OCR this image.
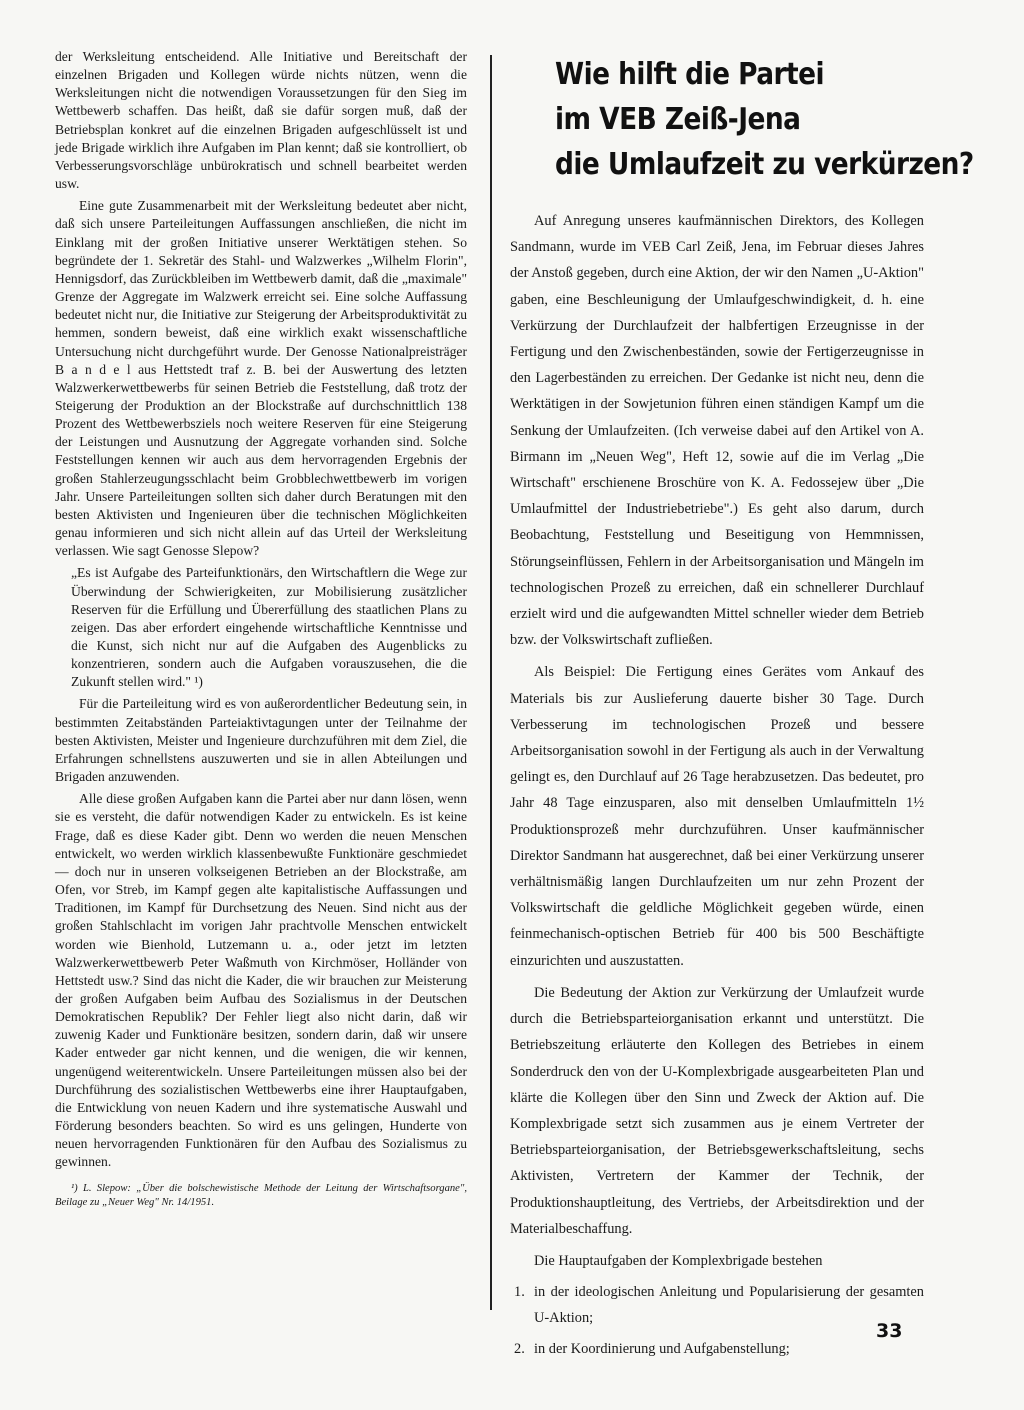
der Werksleitung entscheidend. Alle Initiative und Bereitschaft der einzelnen Brigaden und Kollegen würde nichts nützen, wenn die Werksleitungen nicht die notwendigen Voraussetzungen für den Sieg im Wettbewerb schaffen. Das heißt, daß sie dafür sorgen muß, daß der Betriebsplan konkret auf die einzelnen Brigaden aufgeschlüsselt ist und jede Brigade wirklich ihre Aufgaben im Plan kennt; daß sie kontrolliert, ob Verbesserungsvorschläge unbürokratisch und schnell bearbeitet werden usw.

Eine gute Zusammenarbeit mit der Werksleitung bedeutet aber nicht, daß sich unsere Parteileitungen Auffassungen anschließen, die nicht im Einklang mit der großen Initiative unserer Werktätigen stehen. So begründete der 1. Sekretär des Stahl- und Walzwerkes „Wilhelm Florin", Hennigsdorf, das Zurückbleiben im Wettbewerb damit, daß die „maximale" Grenze der Aggregate im Walzwerk erreicht sei. Eine solche Auffassung bedeutet nicht nur, die Initiative zur Steigerung der Arbeitsproduktivität zu hemmen, sondern beweist, daß eine wirklich exakt wissenschaftliche Untersuchung nicht durchgeführt wurde. Der Genosse Nationalpreisträger B a n d e l aus Hettstedt traf z. B. bei der Auswertung des letzten Walzwerkerwettbewerbs für seinen Betrieb die Feststellung, daß trotz der Steigerung der Produktion an der Blockstraße auf durchschnittlich 138 Prozent des Wettbewerbsziels noch weitere Reserven für eine Steigerung der Leistungen und Ausnutzung der Aggregate vorhanden sind. Solche Feststellungen kennen wir auch aus dem hervorragenden Ergebnis der großen Stahlerzeugungsschlacht beim Grobblechwettbewerb im vorigen Jahr. Unsere Parteileitungen sollten sich daher durch Beratungen mit den besten Aktivisten und Ingenieuren über die technischen Möglichkeiten genau informieren und sich nicht allein auf das Urteil der Werksleitung verlassen. Wie sagt Genosse Slepow?

„Es ist Aufgabe des Parteifunktionärs, den Wirtschaftlern die Wege zur Überwindung der Schwierigkeiten, zur Mobilisierung zusätzlicher Reserven für die Erfüllung und Übererfüllung des staatlichen Plans zu zeigen. Das aber erfordert eingehende wirtschaftliche Kenntnisse und die Kunst, sich nicht nur auf die Aufgaben des Augenblicks zu konzentrieren, sondern auch die Aufgaben vorauszusehen, die die Zukunft stellen wird." ¹)

Für die Parteileitung wird es von außerordentlicher Bedeutung sein, in bestimmten Zeitabständen Parteiaktivtagungen unter der Teilnahme der besten Aktivisten, Meister und Ingenieure durchzuführen mit dem Ziel, die Erfahrungen schnellstens auszuwerten und sie in allen Abteilungen und Brigaden anzuwenden.

Alle diese großen Aufgaben kann die Partei aber nur dann lösen, wenn sie es versteht, die dafür notwendigen Kader zu entwickeln. Es ist keine Frage, daß es diese Kader gibt. Denn wo werden die neuen Menschen entwickelt, wo werden wirklich klassenbewußte Funktionäre geschmiedet — doch nur in unseren volkseigenen Betrieben an der Blockstraße, am Ofen, vor Streb, im Kampf gegen alte kapitalistische Auffassungen und Traditionen, im Kampf für Durchsetzung des Neuen. Sind nicht aus der großen Stahlschlacht im vorigen Jahr prachtvolle Menschen entwickelt worden wie Bienhold, Lutzemann u. a., oder jetzt im letzten Walzwerkerwettbewerb Peter Waßmuth von Kirchmöser, Holländer von Hettstedt usw.? Sind das nicht die Kader, die wir brauchen zur Meisterung der großen Aufgaben beim Aufbau des Sozialismus in der Deutschen Demokratischen Republik? Der Fehler liegt also nicht darin, daß wir zuwenig Kader und Funktionäre besitzen, sondern darin, daß wir unsere Kader entweder gar nicht kennen, und die wenigen, die wir kennen, ungenügend weiterentwickeln. Unsere Parteileitungen müssen also bei der Durchführung des sozialistischen Wettbewerbs eine ihrer Hauptaufgaben, die Entwicklung von neuen Kadern und ihre systematische Auswahl und Förderung besonders beachten. So wird es uns gelingen, Hunderte von neuen hervorragenden Funktionären für den Aufbau des Sozialismus zu gewinnen.

¹) L. Slepow: „Über die bolschewistische Methode der Leitung der Wirtschaftsorgane", Beilage zu „Neuer Weg" Nr. 14/1951.
Wie hilft die Partei
im VEB Zeiß-Jena
die Umlaufzeit zu verkürzen?

Auf Anregung unseres kaufmännischen Direktors, des Kollegen Sandmann, wurde im VEB Carl Zeiß, Jena, im Februar dieses Jahres der Anstoß gegeben, durch eine Aktion, der wir den Namen „U-Aktion" gaben, eine Beschleunigung der Umlaufgeschwindigkeit, d. h. eine Verkürzung der Durchlaufzeit der halbfertigen Erzeugnisse in der Fertigung und den Zwischenbeständen, sowie der Fertigerzeugnisse in den Lagerbeständen zu erreichen. Der Gedanke ist nicht neu, denn die Werktätigen in der Sowjetunion führen einen ständigen Kampf um die Senkung der Umlaufzeiten. (Ich verweise dabei auf den Artikel von A. Birmann im „Neuen Weg", Heft 12, sowie auf die im Verlag „Die Wirtschaft" erschienene Broschüre von K. A. Fedossejew über „Die Umlaufmittel der Industriebetriebe".) Es geht also darum, durch Beobachtung, Feststellung und Beseitigung von Hemmnissen, Störungseinflüssen, Fehlern in der Arbeitsorganisation und Mängeln im technologischen Prozeß zu erreichen, daß ein schnellerer Durchlauf erzielt wird und die aufgewandten Mittel schneller wieder dem Betrieb bzw. der Volkswirtschaft zufließen.

Als Beispiel: Die Fertigung eines Gerätes vom Ankauf des Materials bis zur Auslieferung dauerte bisher 30 Tage. Durch Verbesserung im technologischen Prozeß und bessere Arbeitsorganisation sowohl in der Fertigung als auch in der Verwaltung gelingt es, den Durchlauf auf 26 Tage herabzusetzen. Das bedeutet, pro Jahr 48 Tage einzusparen, also mit denselben Umlaufmitteln 1½ Produktionsprozeß mehr durchzuführen. Unser kaufmännischer Direktor Sandmann hat ausgerechnet, daß bei einer Verkürzung unserer verhältnismäßig langen Durchlaufzeiten um nur zehn Prozent der Volkswirtschaft die geldliche Möglichkeit gegeben würde, einen feinmechanisch-optischen Betrieb für 400 bis 500 Beschäftigte einzurichten und auszustatten.

Die Bedeutung der Aktion zur Verkürzung der Umlaufzeit wurde durch die Betriebsparteiorganisation erkannt und unterstützt. Die Betriebszeitung erläuterte den Kollegen des Betriebes in einem Sonderdruck den von der U-Komplexbrigade ausgearbeiteten Plan und klärte die Kollegen über den Sinn und Zweck der Aktion auf. Die Komplexbrigade setzt sich zusammen aus je einem Vertreter der Betriebsparteiorganisation, der Betriebsgewerkschaftsleitung, sechs Aktivisten, Vertretern der Kammer der Technik, der Produktionshauptleitung, des Vertriebs, der Arbeitsdirektion und der Materialbeschaffung.

Die Hauptaufgaben der Komplexbrigade bestehen

1. in der ideologischen Anleitung und Popularisierung der gesamten U-Aktion;
2. in der Koordinierung und Aufgabenstellung;
33
